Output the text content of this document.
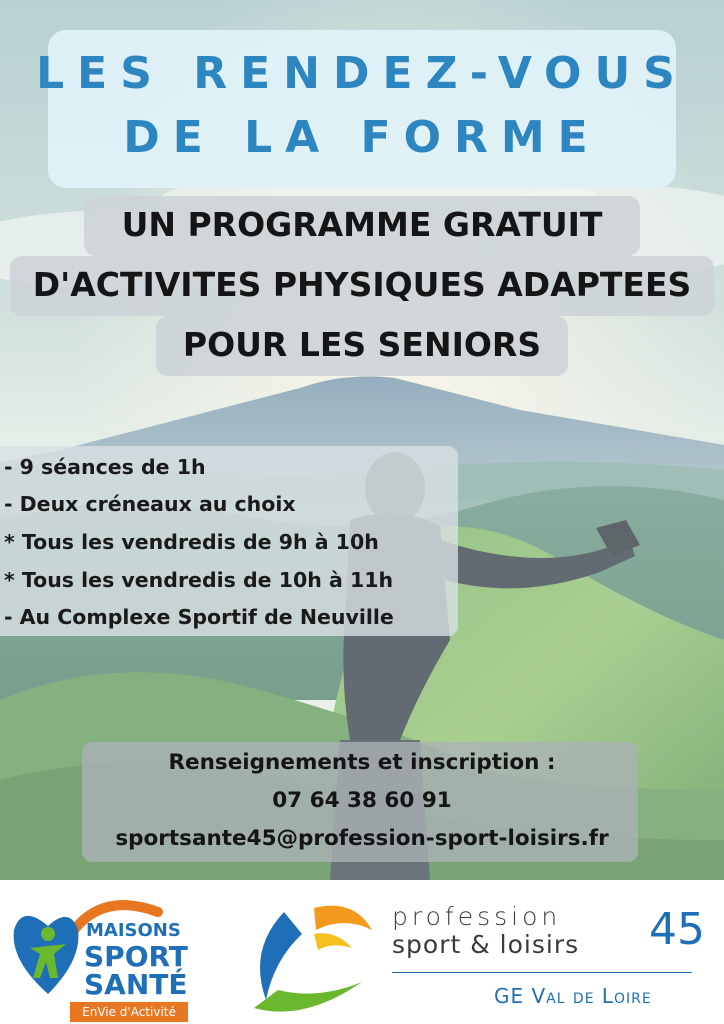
LES RENDEZ-VOUS
DE LA FORME
UN PROGRAMME GRATUIT
D'ACTIVITES PHYSIQUES ADAPTEES
POUR LES SENIORS
- 9 séances de 1h
- Deux créneaux au choix
* Tous les vendredis de 9h à 10h
* Tous les vendredis de 10h à 11h
- Au Complexe Sportif de Neuville
Renseignements et inscription :
07 64 38 60 91
sportsante45@profession-sport-loisirs.fr
MAISONS
SPORT
SANTÉ
EnVie d'Activité
profession
sport & loisirs 45
GE Val de Loire
